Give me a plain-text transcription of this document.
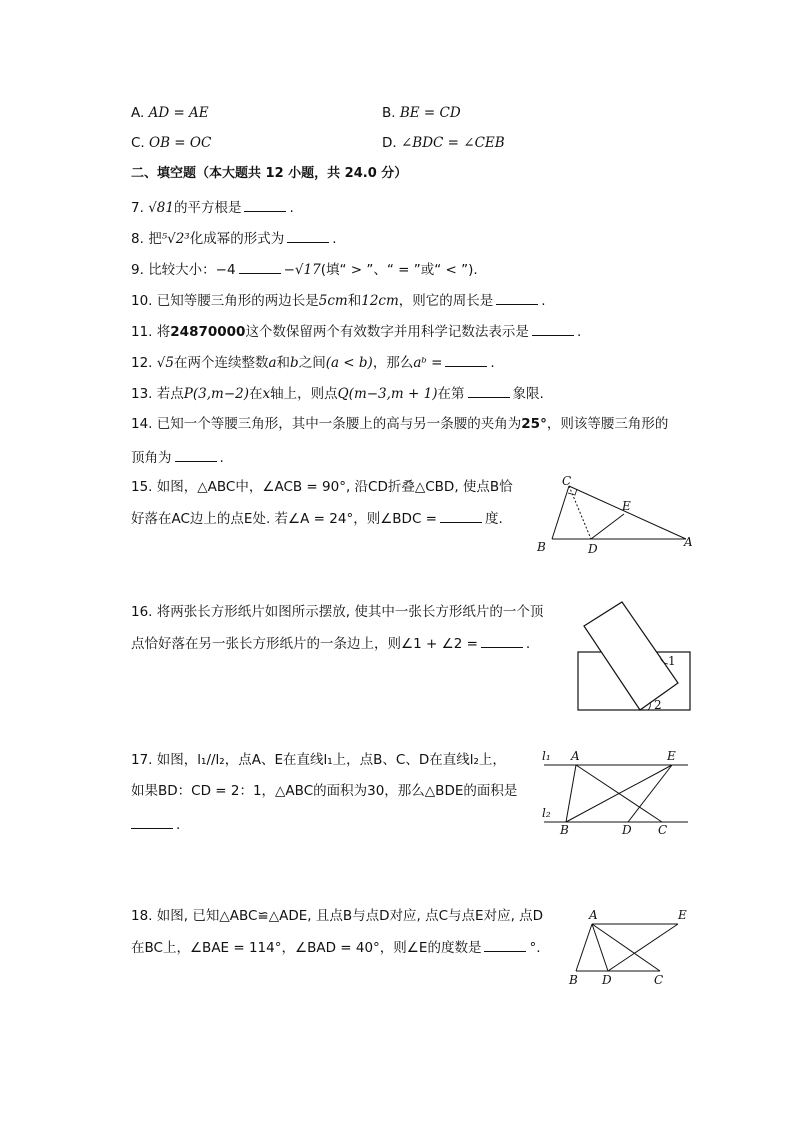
A. AD = AE	B. BE = CD
C. OB = OC	D. ∠BDC = ∠CEB
二、填空题（本大题共 12 小题，共 24.0 分）
7. √81的平方根是	.
8. 把⁵√2³化成幂的形式为	.
9. 比较大小：−4	−√17(填“ > ”、“ = ”或“ < ”).
10. 已知等腰三角形的两边长是5cm和12cm，则它的周长是	.
11. 将24870000这个数保留两个有效数字并用科学记数法表示是	.
12. √5在两个连续整数a和b之间(a < b)，那么aᵇ =	.
13. 若点P(3,m−2)在x轴上，则点Q(m−3,m + 1)在第	象限.
14. 已知一个等腰三角形，其中一条腰上的高与另一条腰的夹角为25°，则该等腰三角形的
顶角为	.
15. 如图，△ABC中，∠ACB = 90°, 沿CD折叠△CBD, 使点B恰
好落在AC边上的点E处. 若∠A = 24°，则∠BDC =	度.
C
E
B	D	A
16. 将两张长方形纸片如图所示摆放, 使其中一张长方形纸片的一个顶
点恰好落在另一张长方形纸片的一条边上，则∠1 + ∠2 =	.
1
2
17. 如图，l₁//l₂，点A、E在直线l₁上，点B、C、D在直线l₂上，
如果BD：CD = 2：1，△ABC的面积为30，那么△BDE的面积是
.
l₁
l₂
A	E
B	D C
18. 如图, 已知△ABC≌△ADE, 且点B与点D对应, 点C与点E对应, 点D
在BC上，∠BAE = 114°，∠BAD = 40°，则∠E的度数是	°.
A	E
B D	C
